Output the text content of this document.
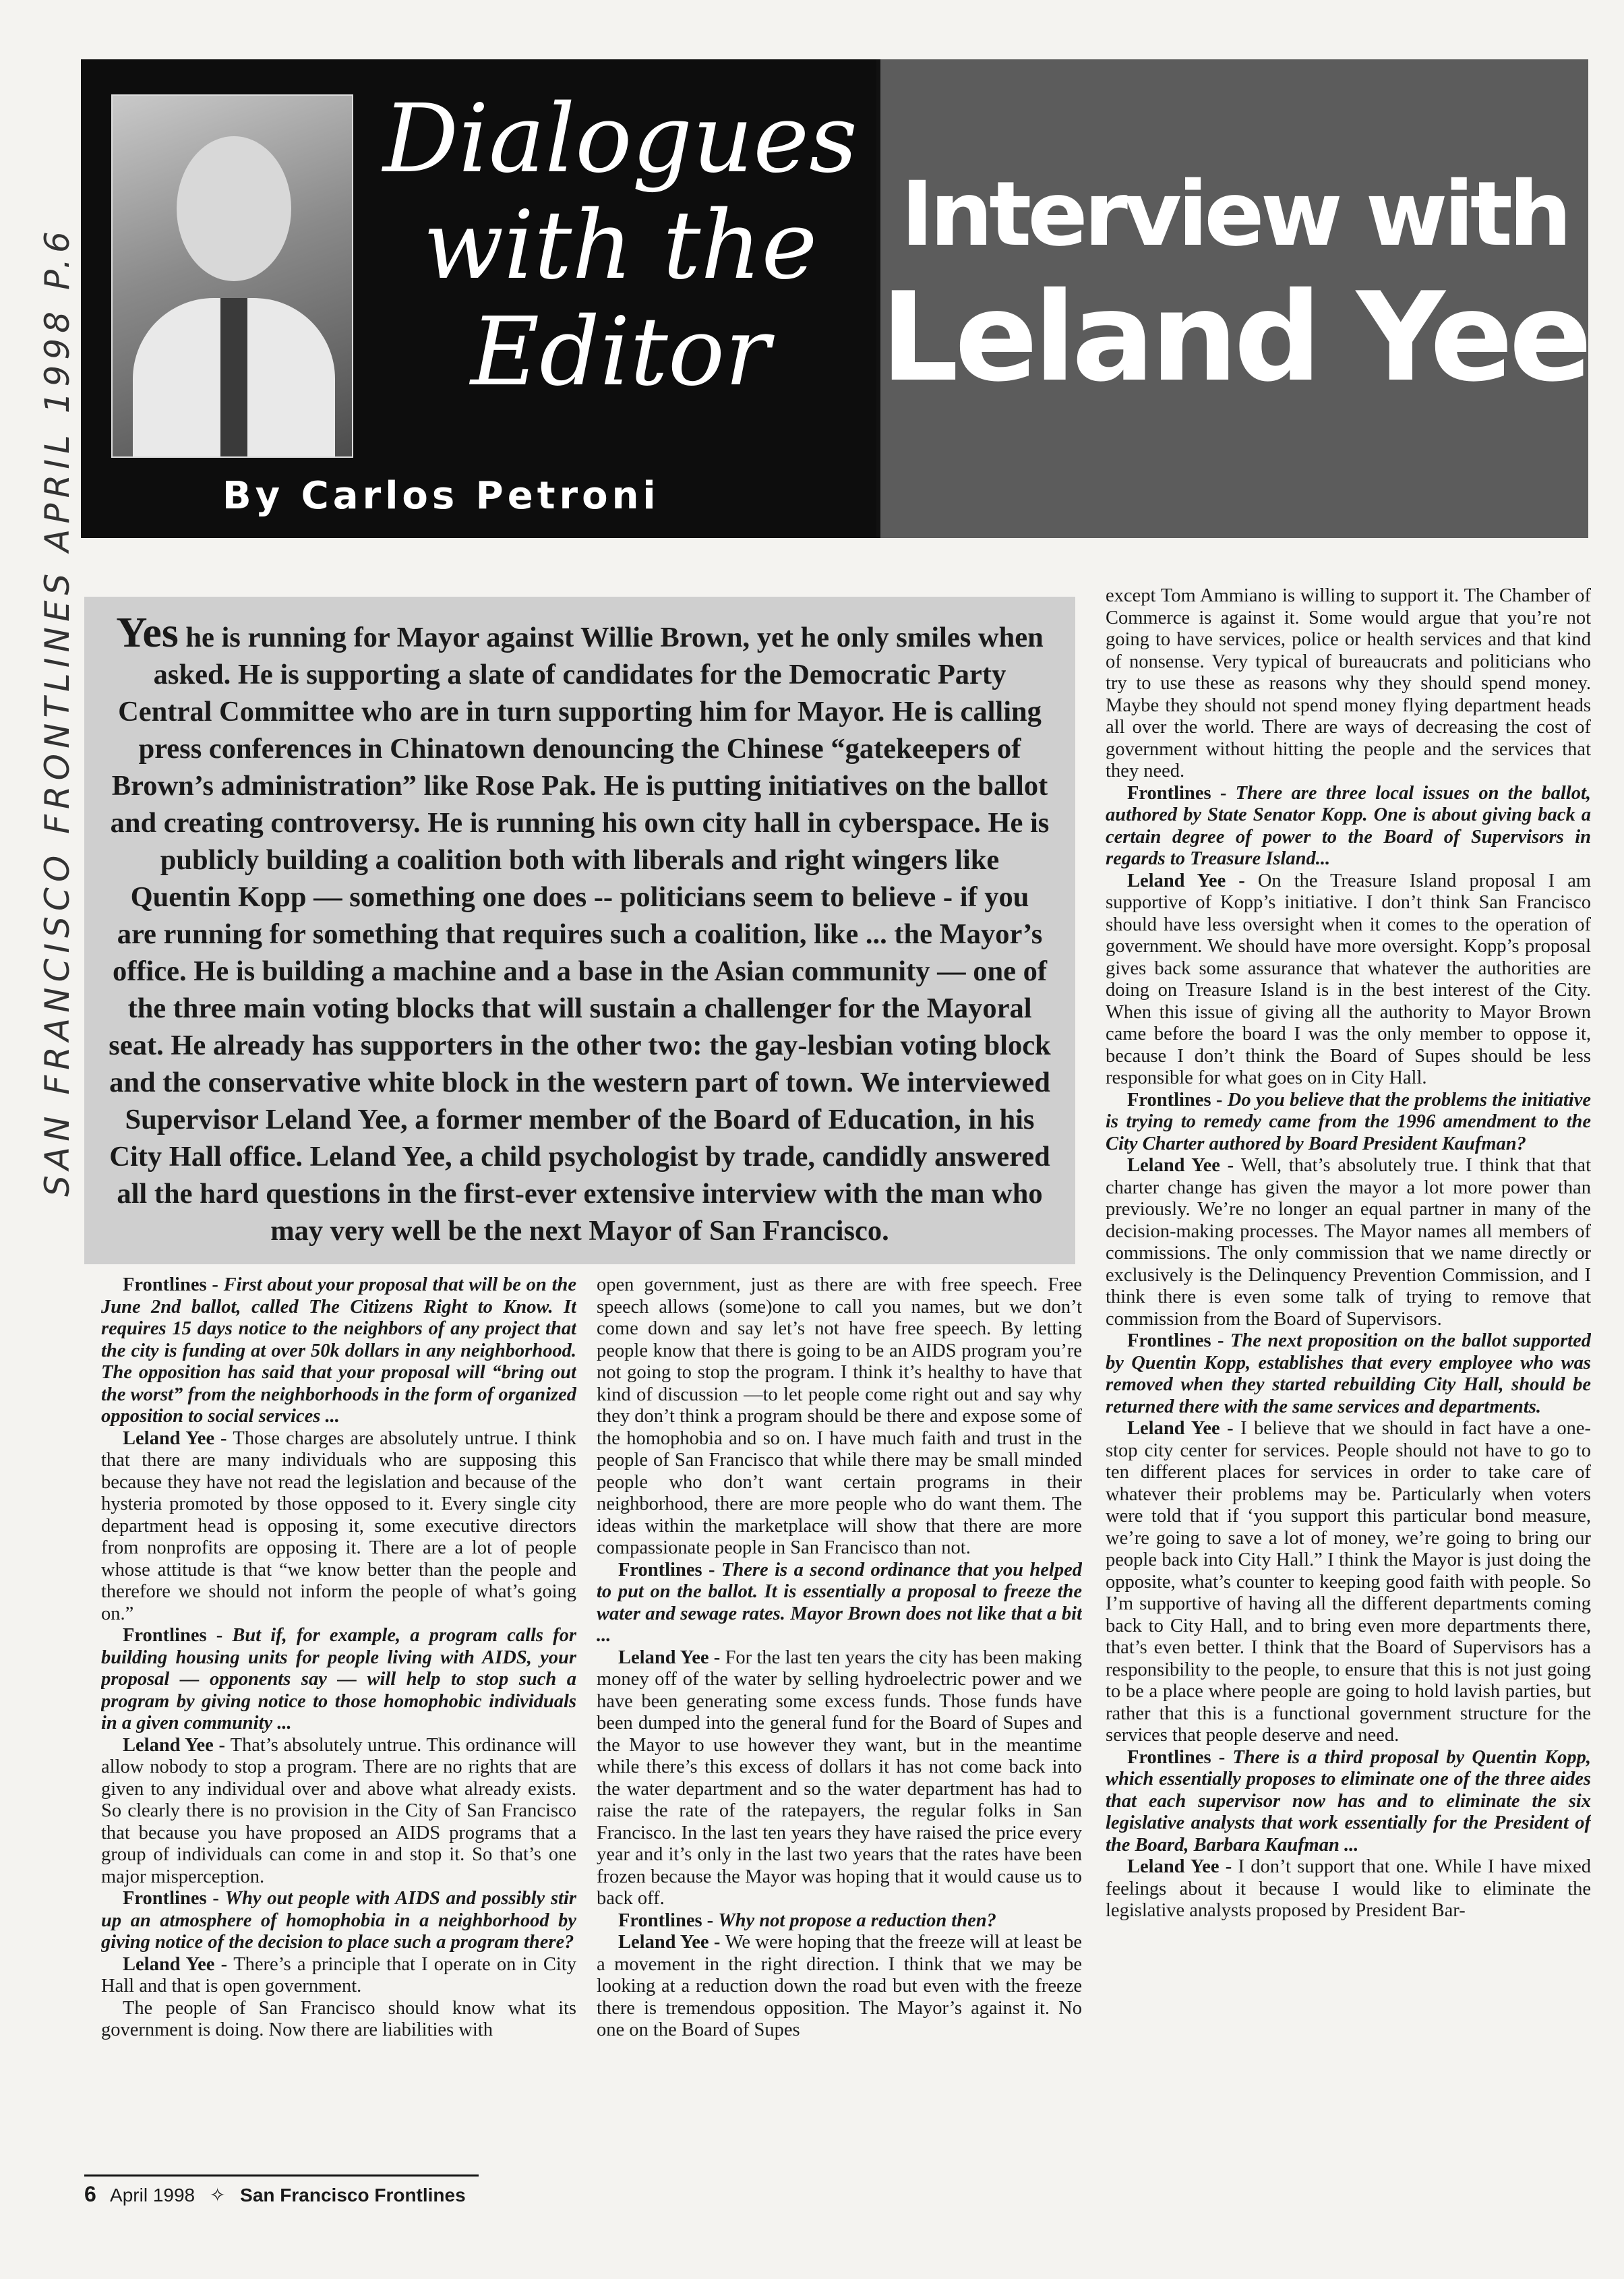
SAN FRANCISCO FRONTLINES APRIL 1998 P.6
Dialogues
with the
Editor
By Carlos Petroni
Interview with
Leland Yee

Yes he is running for Mayor against Willie Brown, yet he only smiles when asked. He is supporting a slate of candidates for the Democratic Party Central Committee who are in turn supporting him for Mayor. He is calling press conferences in Chinatown denouncing the Chinese “gatekeepers of Brown’s administration” like Rose Pak. He is putting initiatives on the ballot and creating controversy. He is running his own city hall in cyberspace. He is publicly building a coalition both with liberals and right wingers like Quentin Kopp — something one does -- politicians seem to believe - if you are running for something that requires such a coalition, like ... the Mayor’s office. He is building a machine and a base in the Asian community — one of the three main voting blocks that will sustain a challenger for the Mayoral seat. He already has supporters in the other two: the gay-lesbian voting block and the conservative white block in the western part of town. We interviewed Supervisor Leland Yee, a former member of the Board of Education, in his City Hall office. Leland Yee, a child psychologist by trade, candidly answered all the hard questions in the first-ever extensive interview with the man who may very well be the next Mayor of San Francisco.

Frontlines - First about your proposal that will be on the June 2nd ballot, called The Citizens Right to Know. It requires 15 days notice to the neighbors of any project that the city is funding at over 50k dollars in any neighborhood. The opposition has said that your proposal will “bring out the worst” from the neighborhoods in the form of organized opposition to social services ...

Leland Yee - Those charges are absolutely untrue. I think that there are many individuals who are supposing this because they have not read the legislation and because of the hysteria promoted by those opposed to it. Every single city department head is opposing it, some executive directors from nonprofits are opposing it. There are a lot of people whose attitude is that “we know better than the people and therefore we should not inform the people of what’s going on.”

Frontlines - But if, for example, a program calls for building housing units for people living with AIDS, your proposal — opponents say — will help to stop such a program by giving notice to those homophobic individuals in a given community ...

Leland Yee - That’s absolutely untrue. This ordinance will allow nobody to stop a program. There are no rights that are given to any individual over and above what already exists. So clearly there is no provision in the City of San Francisco that because you have proposed an AIDS programs that a group of individuals can come in and stop it. So that’s one major misperception.

Frontlines - Why out people with AIDS and possibly stir up an atmosphere of homophobia in a neighborhood by giving notice of the decision to place such a program there?

Leland Yee - There’s a principle that I operate on in City Hall and that is open government.

The people of San Francisco should know what its government is doing. Now there are liabilities with

open government, just as there are with free speech. Free speech allows (some)one to call you names, but we don’t come down and say let’s not have free speech. By letting people know that there is going to be an AIDS program you’re not going to stop the program. I think it’s healthy to have that kind of discussion —to let people come right out and say why they don’t think a program should be there and expose some of the homophobia and so on. I have much faith and trust in the people of San Francisco that while there may be small minded people who don’t want certain programs in their neighborhood, there are more people who do want them. The ideas within the marketplace will show that there are more compassionate people in San Francisco than not.

Frontlines - There is a second ordinance that you helped to put on the ballot. It is essentially a proposal to freeze the water and sewage rates. Mayor Brown does not like that a bit ...

Leland Yee - For the last ten years the city has been making money off of the water by selling hydroelectric power and we have been generating some excess funds. Those funds have been dumped into the general fund for the Board of Supes and the Mayor to use however they want, but in the meantime while there’s this excess of dollars it has not come back into the water department and so the water department has had to raise the rate of the ratepayers, the regular folks in San Francisco. In the last ten years they have raised the price every year and it’s only in the last two years that the rates have been frozen because the Mayor was hoping that it would cause us to back off.

Frontlines - Why not propose a reduction then?

Leland Yee - We were hoping that the freeze will at least be a movement in the right direction. I think that we may be looking at a reduction down the road but even with the freeze there is tremendous opposition. The Mayor’s against it. No one on the Board of Supes

except Tom Ammiano is willing to support it. The Chamber of Commerce is against it. Some would argue that you’re not going to have services, police or health services and that kind of nonsense. Very typical of bureaucrats and politicians who try to use these as reasons why they should spend money. Maybe they should not spend money flying department heads all over the world. There are ways of decreasing the cost of government without hitting the people and the services that they need.

Frontlines - There are three local issues on the ballot, authored by State Senator Kopp. One is about giving back a certain degree of power to the Board of Supervisors in regards to Treasure Island...

Leland Yee - On the Treasure Island proposal I am supportive of Kopp’s initiative. I don’t think San Francisco should have less oversight when it comes to the operation of government. We should have more oversight. Kopp’s proposal gives back some assurance that whatever the authorities are doing on Treasure Island is in the best interest of the City. When this issue of giving all the authority to Mayor Brown came before the board I was the only member to oppose it, because I don’t think the Board of Supes should be less responsible for what goes on in City Hall.

Frontlines - Do you believe that the problems the initiative is trying to remedy came from the 1996 amendment to the City Charter authored by Board President Kaufman?

Leland Yee - Well, that’s absolutely true. I think that that charter change has given the mayor a lot more power than previously. We’re no longer an equal partner in many of the decision-making processes. The Mayor names all members of commissions. The only commission that we name directly or exclusively is the Delinquency Prevention Commission, and I think there is even some talk of trying to remove that commission from the Board of Supervisors.

Frontlines - The next proposition on the ballot supported by Quentin Kopp, establishes that every employee who was removed when they started rebuilding City Hall, should be returned there with the same services and departments.

Leland Yee - I believe that we should in fact have a one-stop city center for services. People should not have to go to ten different places for services in order to take care of whatever their problems may be. Particularly when voters were told that if ‘you support this particular bond measure, we’re going to save a lot of money, we’re going to bring our people back into City Hall.” I think the Mayor is just doing the opposite, what’s counter to keeping good faith with people. So I’m supportive of having all the different departments coming back to City Hall, and to bring even more departments there, that’s even better. I think that the Board of Supervisors has a responsibility to the people, to ensure that this is not just going to be a place where people are going to hold lavish parties, but rather that this is a functional government structure for the services that people deserve and need.

Frontlines - There is a third proposal by Quentin Kopp, which essentially proposes to eliminate one of the three aides that each supervisor now has and to eliminate the six legislative analysts that work essentially for the President of the Board, Barbara Kaufman ...

Leland Yee - I don’t support that one. While I have mixed feelings about it because I would like to eliminate the legislative analysts proposed by President Bar-

6 April 1998 ✧ San Francisco Frontlines
